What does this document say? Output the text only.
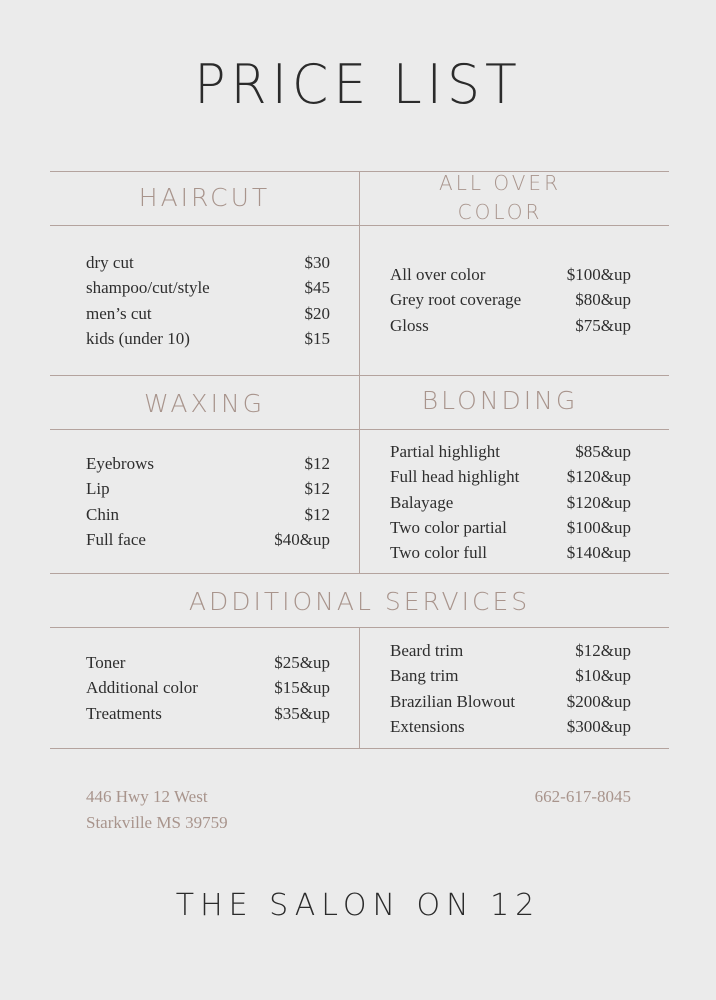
PRICE LIST
HAIRCUT	ALL OVER
COLOR
WAXING	BLONDING
ADDITIONAL SERVICES
dry cut	$30
shampoo/cut/style	$45
men’s cut	$20
kids (under 10)	$15
All over color	$100&up
Grey root coverage	$80&up
Gloss	$75&up
Eyebrows	$12
Lip	$12
Chin	$12
Full face	$40&up
Partial highlight	$85&up
Full head highlight	$120&up
Balayage	$120&up
Two color partial	$100&up
Two color full	$140&up
Toner	$25&up
Additional color	$15&up
Treatments	$35&up
Beard trim	$12&up
Bang trim	$10&up
Brazilian Blowout	$200&up
Extensions	$300&up
446 Hwy 12 West
Starkville MS 39759
662-617-8045
THE SALON ON 12
